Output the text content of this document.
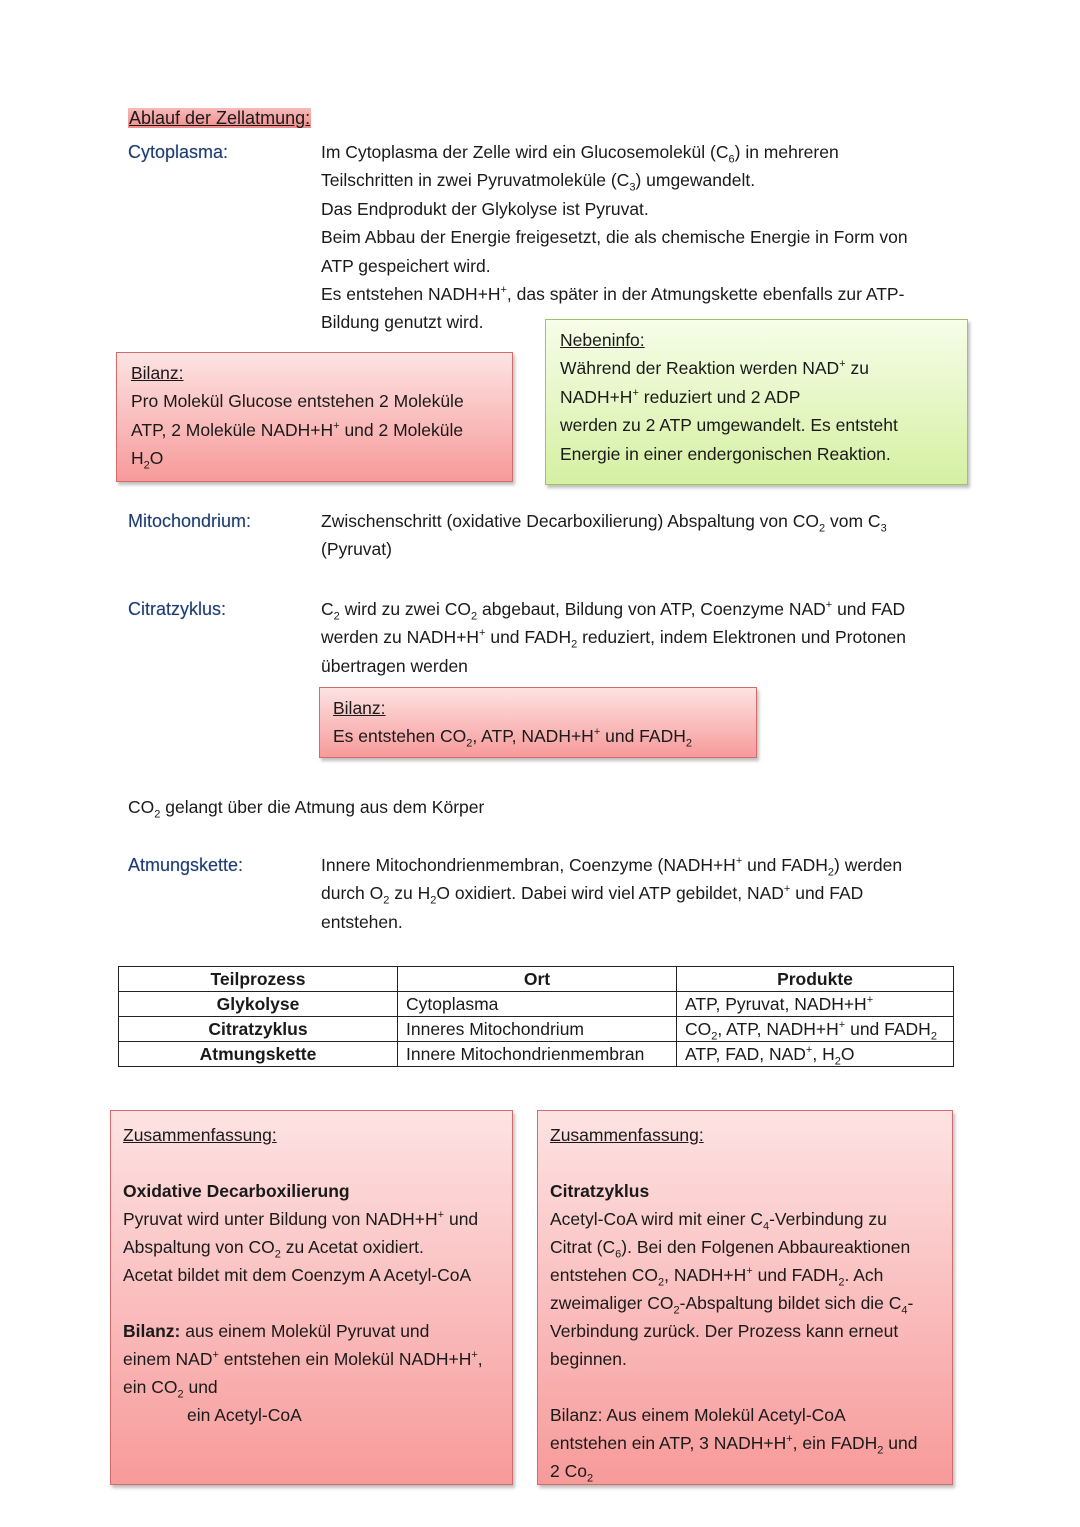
Ablauf der Zellatmung:
Cytoplasma:	Im Cytoplasma der Zelle wird ein Glucosemolekül $(C_6)$ in mehreren
Teilschritten in zwei Pyruvatmoleküle $(C_3)$ umgewandelt.
Das Endprodukt der Glykolyse ist Pyruvat.
Beim Abbau der Energie freigesetzt, die als chemische Energie in Form von
ATP gespeichert wird.
Es entstehen NADH+H+, das später in der Atmungskette ebenfalls zur ATP-
Bildung genutzt wird.
Bilanz:
Pro Molekül Glucose entstehen 2 Moleküle
ATP, 2 Moleküle NADH+H+ und 2 Moleküle
$H_2O$
Nebeninfo:
Während der Reaktion werden NAD+ zu
NADH+H+ reduziert und 2 ADP
werden zu 2 ATP umgewandelt. Es entsteht
Energie in einer endergonischen Reaktion.
Mitochondrium:	Zwischenschritt (oxidative Decarboxilierung) Abspaltung von $CO_2$ vom $C_3$
(Pyruvat)
Citratzyklus:	$C_2$ wird zu zwei $CO_2$ abgebaut, Bildung von ATP, Coenzyme NAD+ und FAD
werden zu NADH+H+ und $FADH_2$ reduziert, indem Elektronen und Protonen
übertragen werden
Bilanz:
Es entstehen $CO_2$, ATP, NADH+H+ und $FADH_2$
$CO_2$ gelangt über die Atmung aus dem Körper
Atmungskette:	Innere Mitochondrienmembran, Coenzyme (NADH+H+ und $FADH_2$) werden
durch $O_2$ zu $H_2O$ oxidiert. Dabei wird viel ATP gebildet, NAD+ und FAD
entstehen.
Teilprozess	Ort	Produkte
Glykolyse	Cytoplasma	ATP, Pyruvat, NADH+H+
Citratzyklus	Inneres Mitochondrium	$CO_2$, ATP, NADH+H+ und $FADH_2$
Atmungskette	Innere Mitochondrienmembran	ATP, FAD, NAD+, $H_2O$
Zusammenfassung:
Oxidative Decarboxilierung
Pyruvat wird unter Bildung von NADH+H+ und
Abspaltung von $CO_2$ zu Acetat oxidiert.
Acetat bildet mit dem Coenzym A Acetyl-CoA
Bilanz: aus einem Molekül Pyruvat und
einem NAD+ entstehen ein Molekül NADH+H+,
ein $CO_2$ und
ein Acetyl-CoA
Zusammenfassung:
Citratzyklus
Acetyl-CoA wird mit einer $C_4$-Verbindung zu
Citrat $(C_6)$. Bei den Folgenen Abbaureaktionen
entstehen $CO_2$, NADH+H+ und $FADH_2$. Ach
zweimaliger $CO_2$-Abspaltung bildet sich die $C_4-$
Verbindung zurück. Der Prozess kann erneut
beginnen.
Bilanz: Aus einem Molekül Acetyl-CoA
entstehen ein ATP, 3 NADH+H+, ein $FADH_2$ und
2 $Co_2$
